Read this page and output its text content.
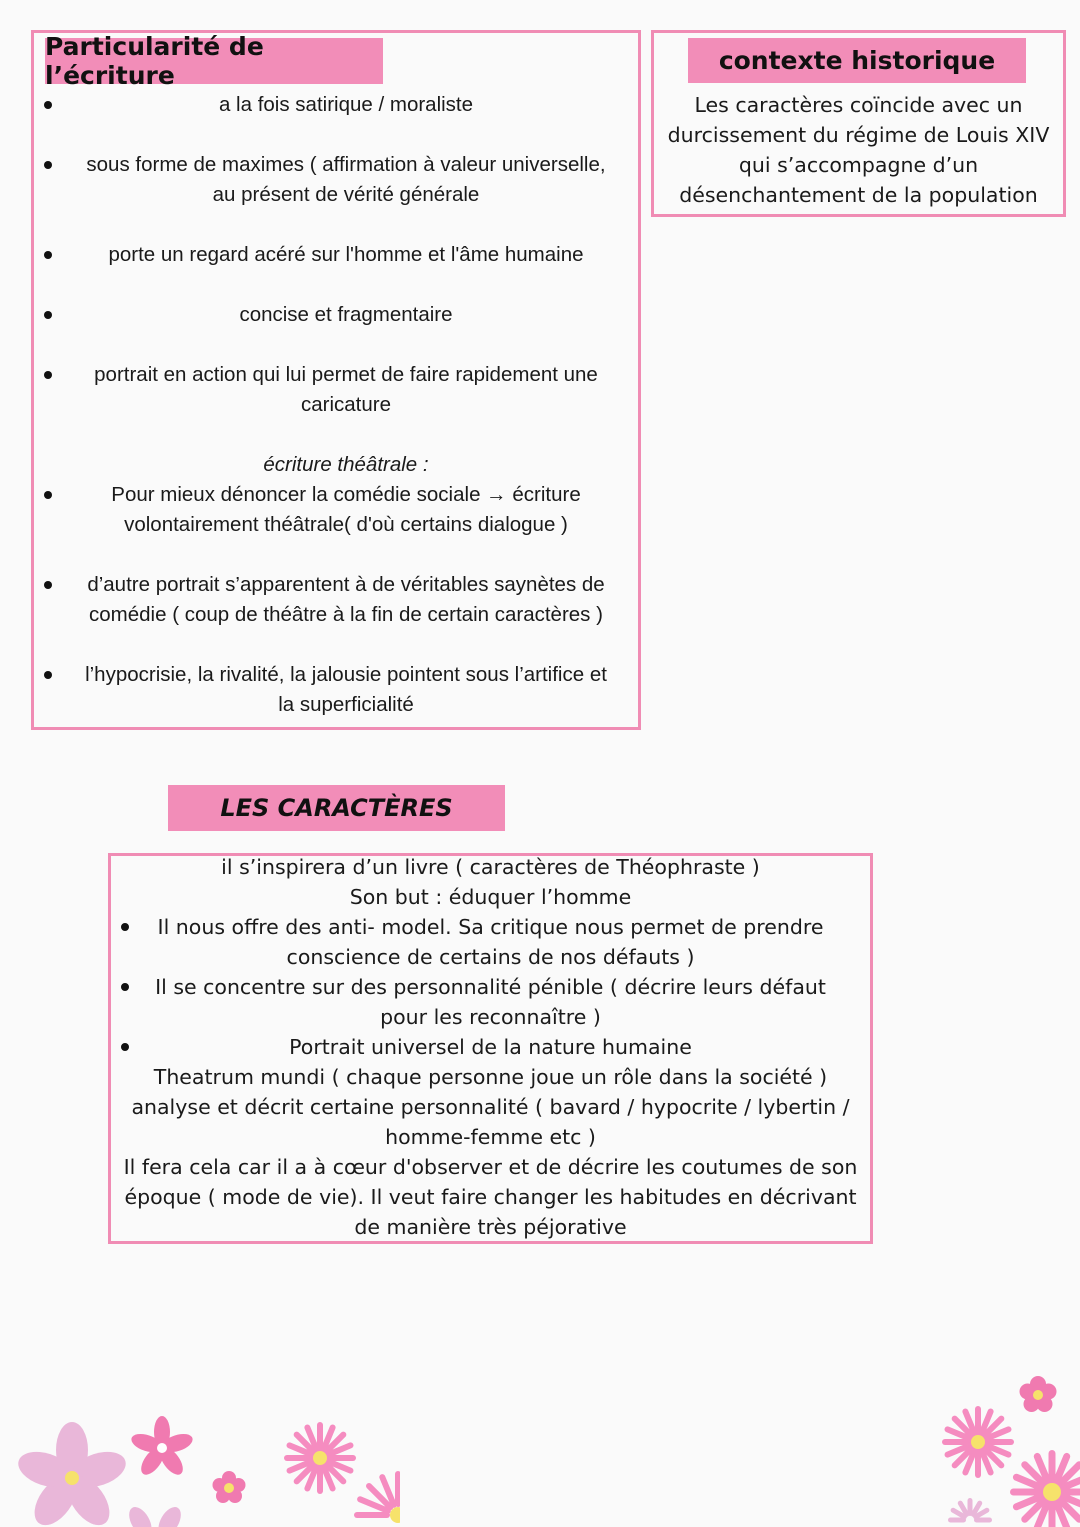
Particularité de l’écriture
a la fois satirique / moraliste
sous forme de maximes ( affirmation à valeur universelle,
au présent de vérité générale
porte un regard acéré sur l'homme et l'âme humaine
concise et fragmentaire
portrait en action qui lui permet de faire rapidement une
caricature
écriture théâtrale :
Pour mieux dénoncer la comédie sociale → écriture
volontairement théâtrale( d'où certains dialogue )
d’autre portrait s’apparentent à de véritables saynètes de
comédie ( coup de théâtre à la fin de certain caractères )
l’hypocrisie, la rivalité, la jalousie pointent sous l’artifice et
la superficialité
contexte historique
Les caractères coïncide avec un
durcissement du régime de Louis XIV
qui s’accompagne d’un
désenchantement de la population
LES CARACTÈRES
il s’inspirera d’un livre ( caractères de Théophraste )
Son but : éduquer l’homme
Il nous offre des anti- model. Sa critique nous permet de prendre
conscience de certains de nos défauts )
Il se concentre sur des personnalité pénible ( décrire leurs défaut
pour les reconnaître )
Portrait universel de la nature humaine
Theatrum mundi ( chaque personne joue un rôle dans la société )
analyse et décrit certaine personnalité ( bavard / hypocrite / lybertin /
homme-femme etc )
Il fera cela car il a à cœur d'observer et de décrire les coutumes de son
époque ( mode de vie). Il veut faire changer les habitudes en décrivant
de manière très péjorative
